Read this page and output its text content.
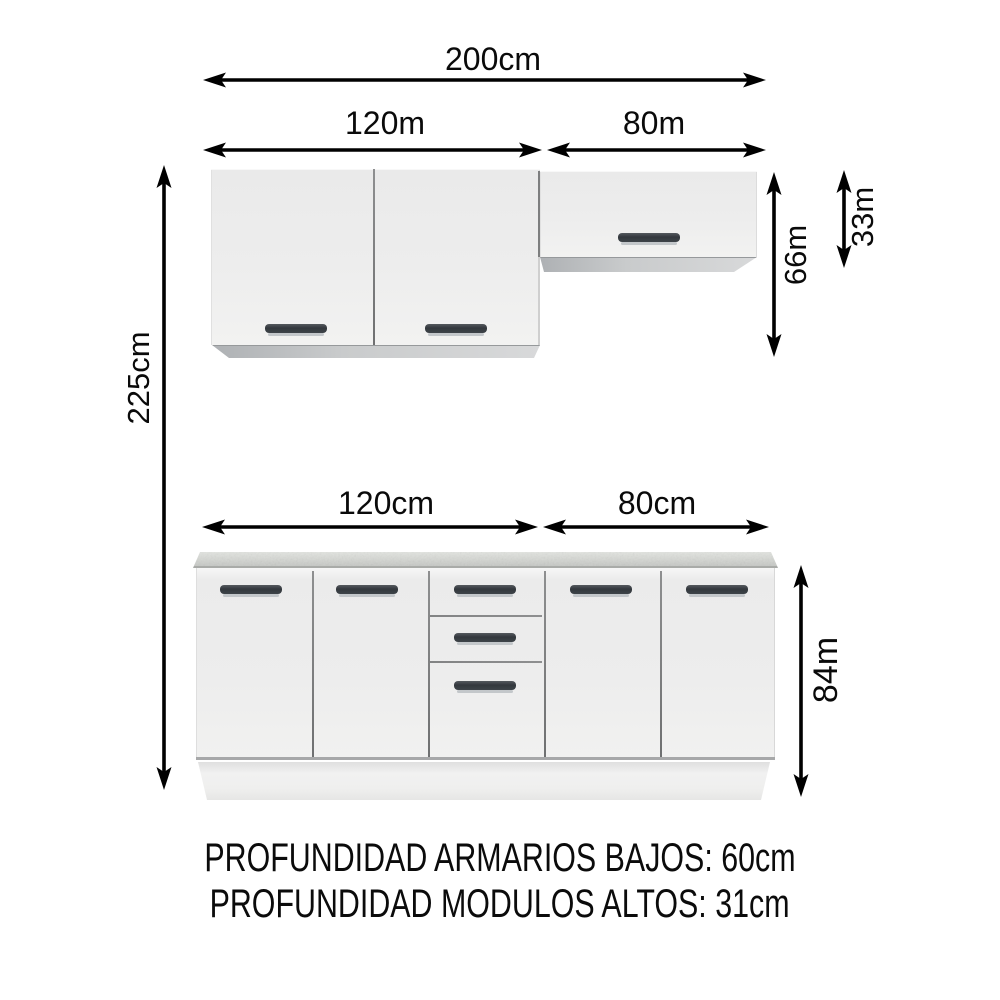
200cm
120m	80m
225cm
66m
33m
120cm	80cm
84m
PROFUNDIDAD ARMARIOS BAJOS: 60cm
PROFUNDIDAD MODULOS ALTOS: 31cm
